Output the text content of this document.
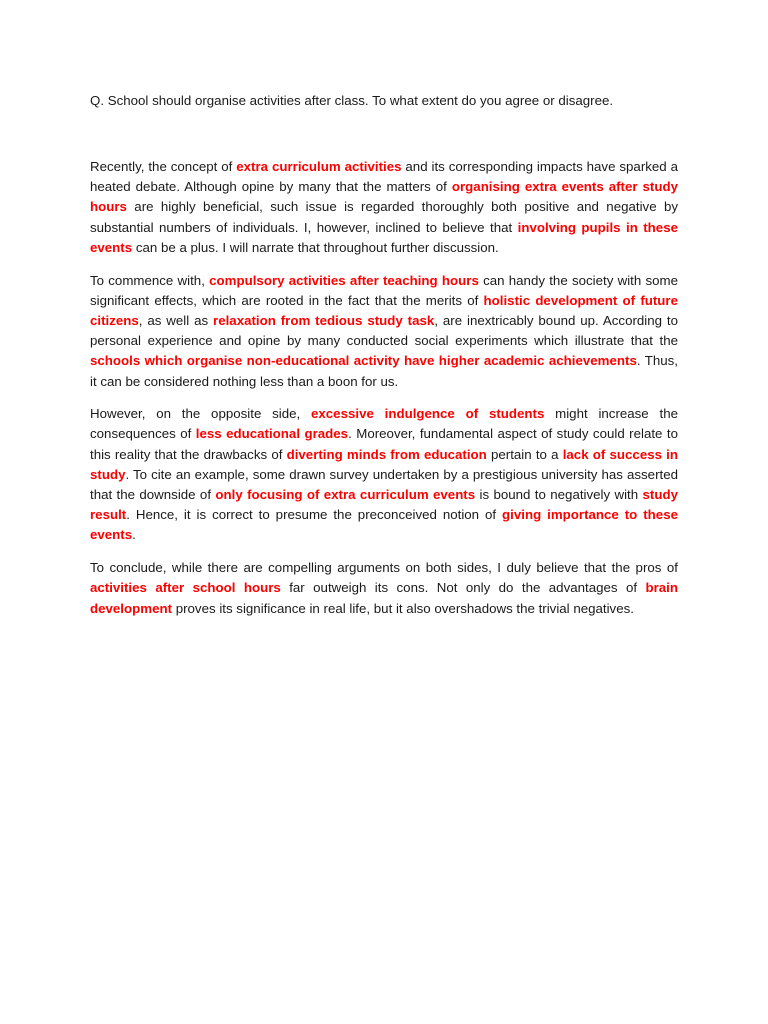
Q. School should organise activities after class. To what extent do you agree or disagree.

Recently, the concept of extra curriculum activities and its corresponding impacts have sparked a heated debate. Although opine by many that the matters of organising extra events after study hours are highly beneficial, such issue is regarded thoroughly both positive and negative by substantial numbers of individuals. I, however, inclined to believe that involving pupils in these events can be a plus. I will narrate that throughout further discussion.

To commence with, compulsory activities after teaching hours can handy the society with some significant effects, which are rooted in the fact that the merits of holistic development of future citizens, as well as relaxation from tedious study task, are inextricably bound up. According to personal experience and opine by many conducted social experiments which illustrate that the schools which organise non-educational activity have higher academic achievements. Thus, it can be considered nothing less than a boon for us.

However, on the opposite side, excessive indulgence of students might increase the consequences of less educational grades. Moreover, fundamental aspect of study could relate to this reality that the drawbacks of diverting minds from education pertain to a lack of success in study. To cite an example, some drawn survey undertaken by a prestigious university has asserted that the downside of only focusing of extra curriculum events is bound to negatively with study result. Hence, it is correct to presume the preconceived notion of giving importance to these events.

To conclude, while there are compelling arguments on both sides, I duly believe that the pros of activities after school hours far outweigh its cons. Not only do the advantages of brain development proves its significance in real life, but it also overshadows the trivial negatives.
